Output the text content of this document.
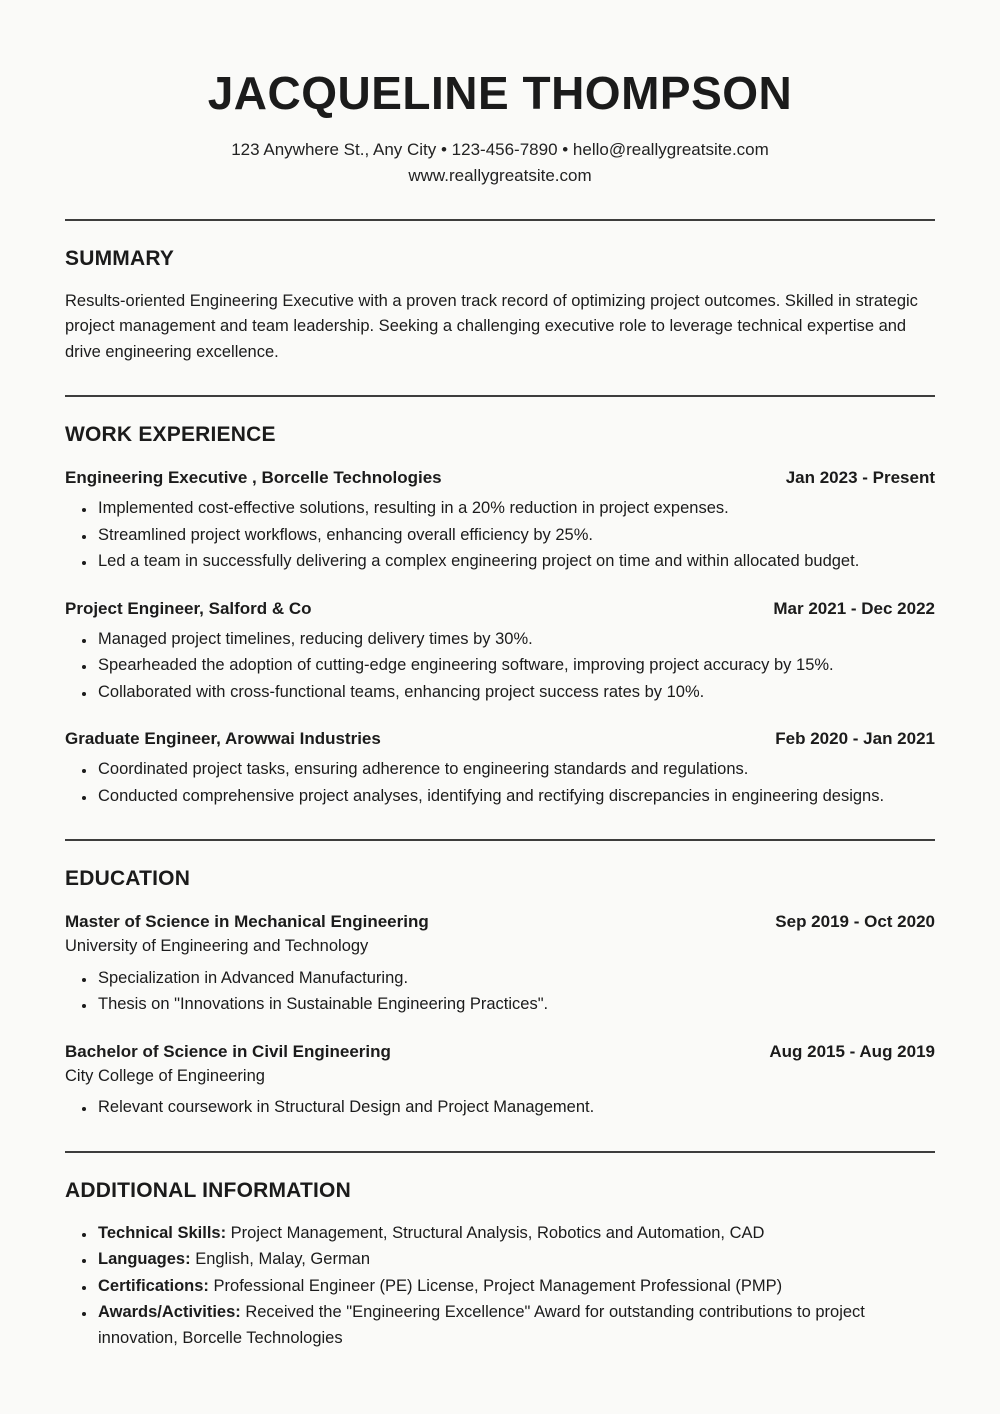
JACQUELINE THOMPSON

123 Anywhere St., Any City • 123-456-7890 • hello@reallygreatsite.com

www.reallygreatsite.com

SUMMARY

Results-oriented Engineering Executive with a proven track record of optimizing project outcomes. Skilled in strategic project management and team leadership. Seeking a challenging executive role to leverage technical expertise and drive engineering excellence.

WORK EXPERIENCE
Engineering Executive , Borcelle Technologies	Jan 2023 - Present
• Implemented cost-effective solutions, resulting in a 20% reduction in project expenses.
• Streamlined project workflows, enhancing overall efficiency by 25%.
• Led a team in successfully delivering a complex engineering project on time and within allocated budget.
Project Engineer, Salford & Co	Mar 2021 - Dec 2022
• Managed project timelines, reducing delivery times by 30%.
• Spearheaded the adoption of cutting-edge engineering software, improving project accuracy by 15%.
• Collaborated with cross-functional teams, enhancing project success rates by 10%.
Graduate Engineer, Arowwai Industries	Feb 2020 - Jan 2021
• Coordinated project tasks, ensuring adherence to engineering standards and regulations.
• Conducted comprehensive project analyses, identifying and rectifying discrepancies in engineering designs.
EDUCATION
Master of Science in Mechanical Engineering	Sep 2019 - Oct 2020

University of Engineering and Technology

• Specialization in Advanced Manufacturing.
• Thesis on "Innovations in Sustainable Engineering Practices".
Bachelor of Science in Civil Engineering	Aug 2015 - Aug 2019

City College of Engineering

• Relevant coursework in Structural Design and Project Management.
ADDITIONAL INFORMATION
• Technical Skills: Project Management, Structural Analysis, Robotics and Automation, CAD
• Languages: English, Malay, German
• Certifications: Professional Engineer (PE) License, Project Management Professional (PMP)
• Awards/Activities: Received the "Engineering Excellence" Award for outstanding contributions to project innovation, Borcelle Technologies
